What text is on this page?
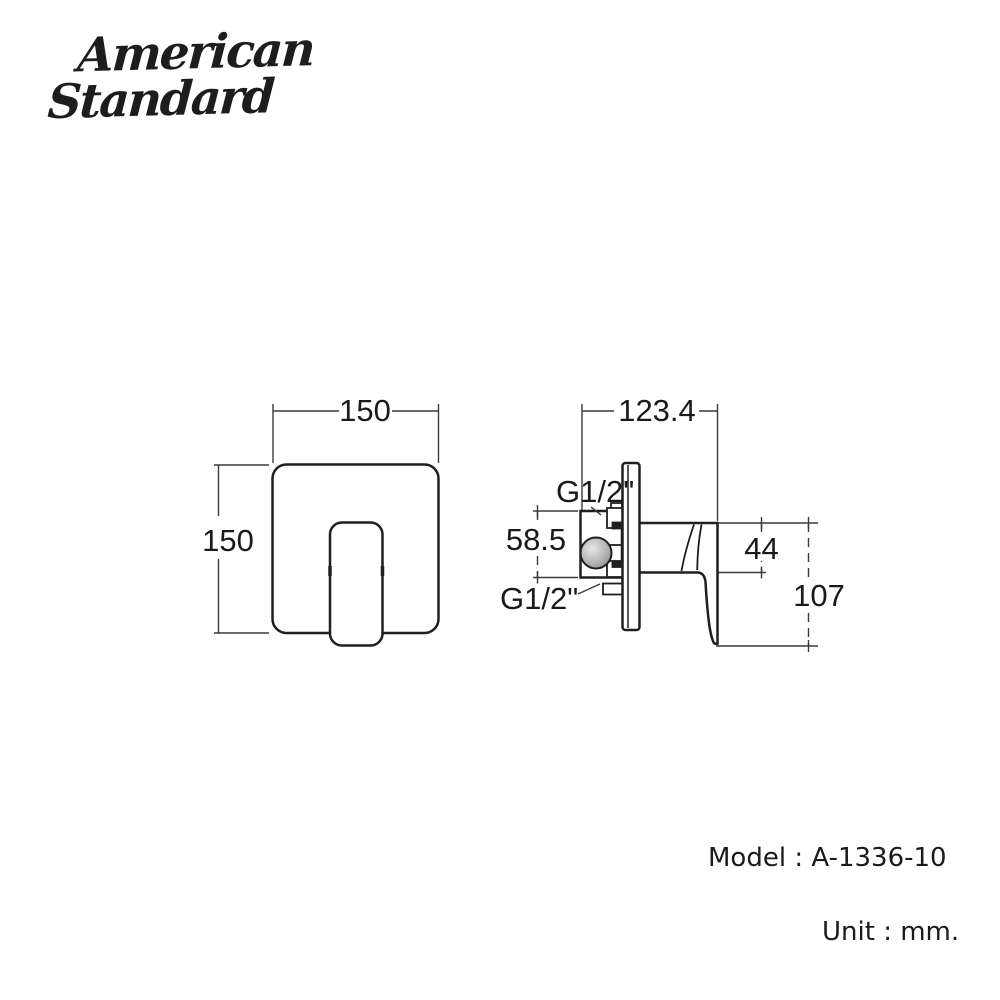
American
Standard
150
150
123.4
G1/2"
58.5
G1/2"
44
107
Model : A-1336-10
Unit : mm.
